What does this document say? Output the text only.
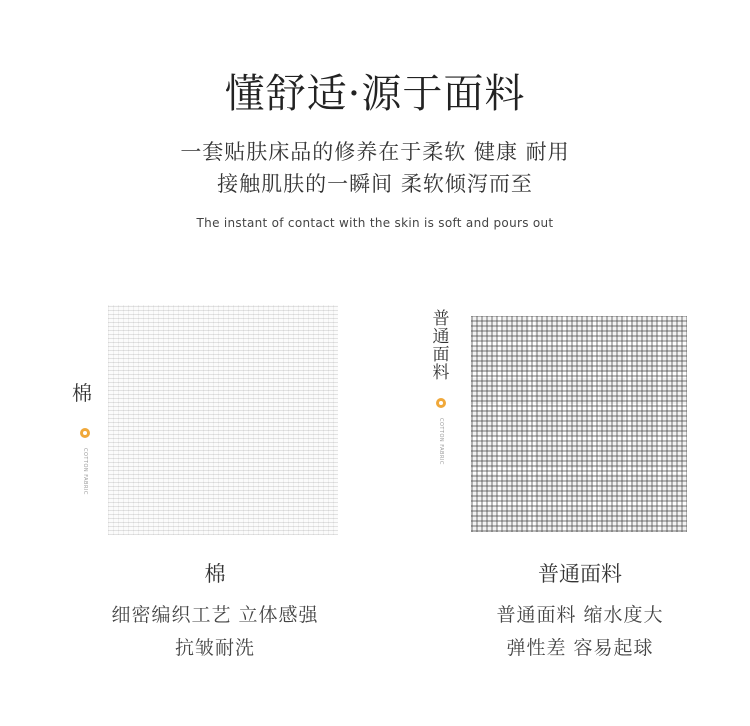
懂舒适·源于面料
一套贴肤床品的修养在于柔软 健康 耐用
接触肌肤的一瞬间 柔软倾泻而至
The instant of contact with the skin is soft and pours out
棉
COTTON FABRIC
普通面料
COTTON FABRIC
棉
细密编织工艺 立体感强
抗皱耐洗
普通面料
普通面料 缩水度大
弹性差 容易起球
